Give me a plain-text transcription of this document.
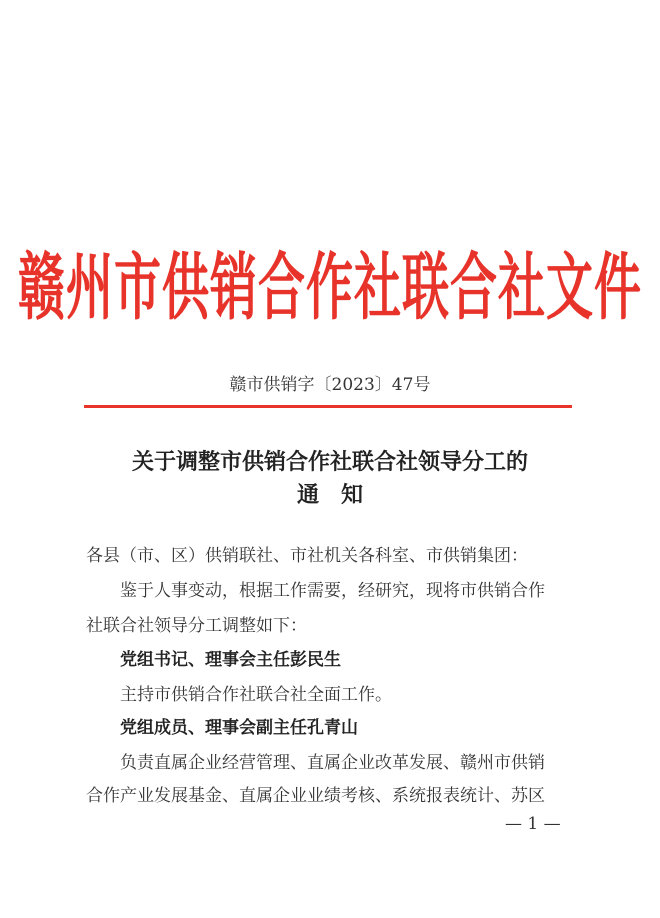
赣州市供销合作社联合社文件
赣市供销字〔2023〕47号
关于调整市供销合作社联合社领导分工的
通　知
各县（市、区）供销联社、市社机关各科室、市供销集团：
鉴于人事变动，根据工作需要，经研究，现将市供销合作
社联合社领导分工调整如下：
党组书记、理事会主任彭民生
主持市供销合作社联合社全面工作。
党组成员、理事会副主任孔青山
负责直属企业经营管理、直属企业改革发展、赣州市供销
合作产业发展基金、直属企业业绩考核、系统报表统计、苏区
— 1 —
